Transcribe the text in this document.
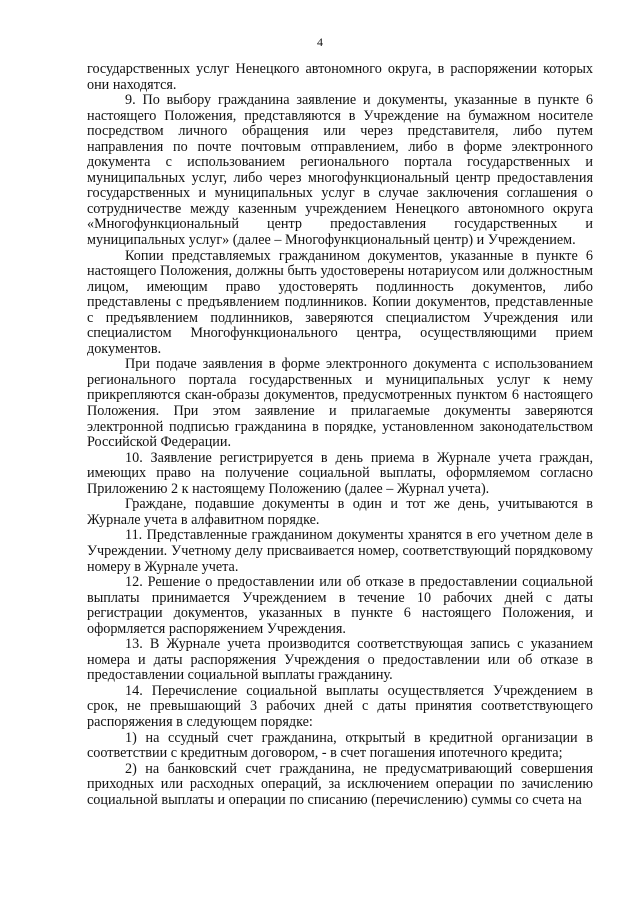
4

государственных услуг Ненецкого автономного округа, в распоряжении которых они находятся.

9. По выбору гражданина заявление и документы, указанные в пункте 6 настоящего Положения, представляются в Учреждение на бумажном носителе посредством личного обращения или через представителя, либо путем направления по почте почтовым отправлением, либо в форме электронного документа с использованием регионального портала государственных и муниципальных услуг, либо через многофункциональный центр предоставления государственных и муниципальных услуг в случае заключения соглашения о сотрудничестве между казенным учреждением Ненецкого автономного округа «Многофункциональный центр предоставления государственных и муниципальных услуг» (далее – Многофункциональный центр) и Учреждением.

Копии представляемых гражданином документов, указанные в пункте 6 настоящего Положения, должны быть удостоверены нотариусом или должностным лицом, имеющим право удостоверять подлинность документов, либо представлены с предъявлением подлинников. Копии документов, представленные с предъявлением подлинников, заверяются специалистом Учреждения или специалистом Многофункционального центра, осуществляющими прием документов.

При подаче заявления в форме электронного документа с использованием регионального портала государственных и муниципальных услуг к нему прикрепляются скан-образы документов, предусмотренных пунктом 6 настоящего Положения. При этом заявление и прилагаемые документы заверяются электронной подписью гражданина в порядке, установленном законодательством Российской Федерации.

10. Заявление регистрируется в день приема в Журнале учета граждан, имеющих право на получение социальной выплаты, оформляемом согласно Приложению 2 к настоящему Положению (далее – Журнал учета).

Граждане, подавшие документы в один и тот же день, учитываются в Журнале учета в алфавитном порядке.

11. Представленные гражданином документы хранятся в его учетном деле в Учреждении. Учетному делу присваивается номер, соответствующий порядковому номеру в Журнале учета.

12. Решение о предоставлении или об отказе в предоставлении социальной выплаты принимается Учреждением в течение 10 рабочих дней с даты регистрации документов, указанных в пункте 6 настоящего Положения, и оформляется распоряжением Учреждения.

13. В Журнале учета производится соответствующая запись с указанием номера и даты распоряжения Учреждения о предоставлении или об отказе в предоставлении социальной выплаты гражданину.

14. Перечисление социальной выплаты осуществляется Учреждением в срок, не превышающий 3 рабочих дней с даты принятия соответствующего распоряжения в следующем порядке:

1) на ссудный счет гражданина, открытый в кредитной организации в соответствии с кредитным договором, - в счет погашения ипотечного кредита;

2) на банковский счет гражданина, не предусматривающий совершения приходных или расходных операций, за исключением операции по зачислению социальной выплаты и операции по списанию (перечислению) суммы со счета на
